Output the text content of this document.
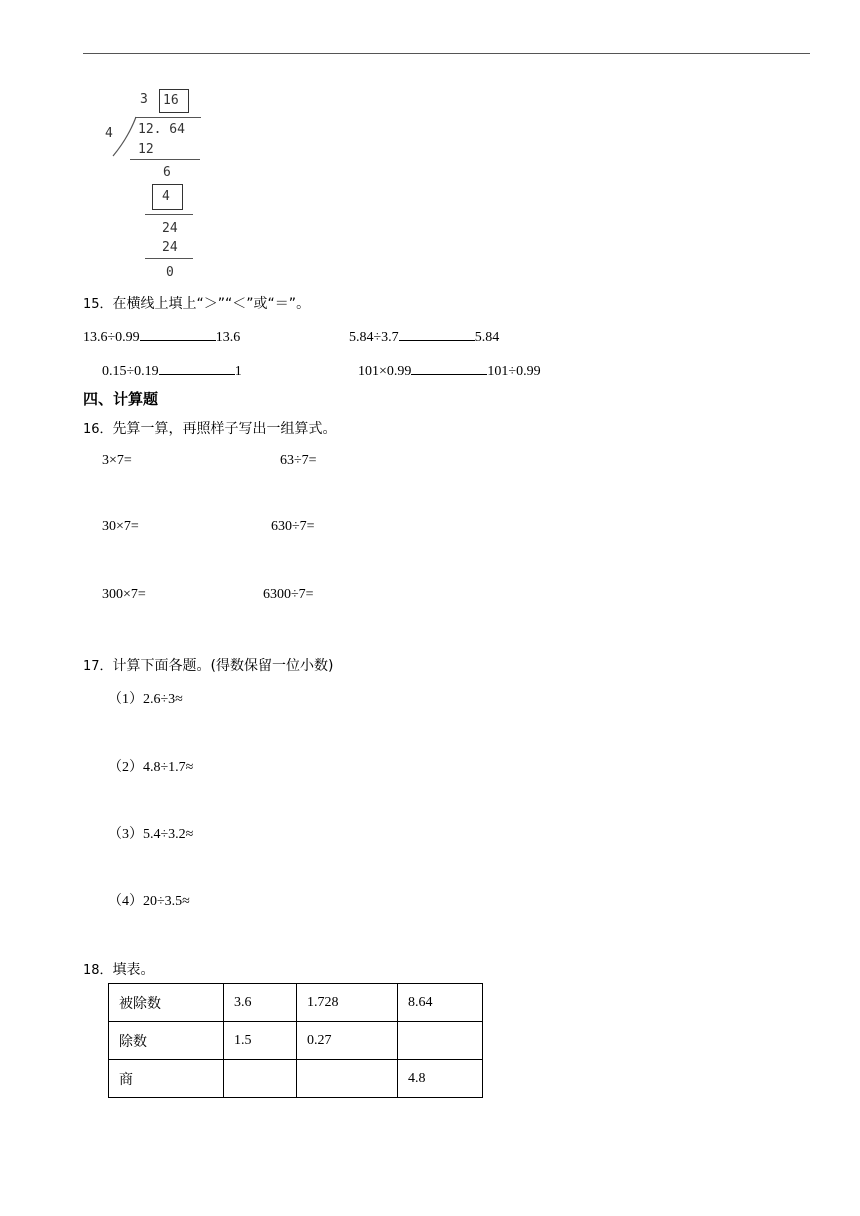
3 16
4 12. 64
12
6
4
24
24
0
15．在横线上填上“＞”“＜”或“＝”。
13.6÷0.99	13.6	5.84÷3.7	5.84
0.15÷0.19	1	101×0.99	101÷0.99
四、计算题
16．先算一算，再照样子写出一组算式。
3×7=	63÷7=
30×7=	630÷7=
300×7=	6300÷7=
17．计算下面各题。(得数保留一位小数)
（1）2.6÷3≈
（2）4.8÷1.7≈
（3）5.4÷3.2≈
（4）20÷3.5≈
18．填表。
被除数	3.6	1.728	8.64
除数	1.5	0.27	
商			4.8
